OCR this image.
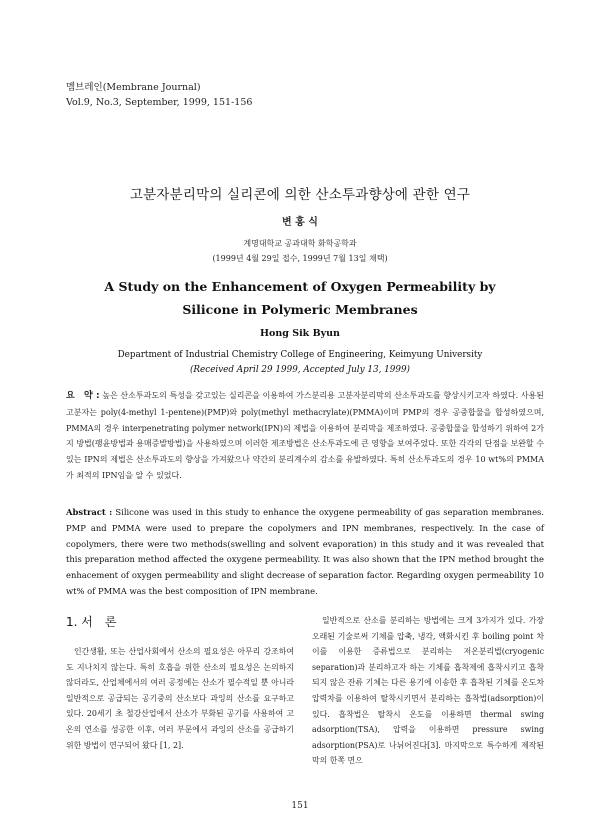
멤브레인(Membrane Journal)
Vol.9, No.3, September, 1999, 151-156
고분자분리막의 실리콘에 의한 산소투과향상에 관한 연구
변 홍 식
계명대학교 공과대학 화학공학과
(1999년 4월 29일 접수, 1999년 7월 13일 채택)
A Study on the Enhancement of Oxygen Permeability by
Silicone in Polymeric Membranes
Hong Sik Byun
Department of Industrial Chemistry College of Engineering, Keimyung University
(Received April 29 1999, Accepted July 13, 1999)
요　약 : 높은 산소투과도의 특성을 갖고있는 실리콘을 이용하여 가스분리용 고분자분리막의 산소투과도를 향상시키고자 하였다. 사용된 고분자는 poly(4-methyl 1-pentene)(PMP)와 poly(methyl methacrylate)(PMMA)이며 PMP의 경우 공중합물을 합성하였으며, PMMA의 경우 interpenetrating polymer network(IPN)의 제법을 이용하여 분리막을 제조하였다. 공중합물을 합성하기 위하여 2가지 방법(팽윤방법과 용매증발방법)을 사용하였으며 이러한 제조방법은 산소투과도에 큰 영향을 보여주었다. 또한 각각의 단점을 보완할 수 있는 IPN의 제법은 산소투과도의 향상을 가져왔으나 약간의 분리계수의 감소를 유발하였다. 특히 산소투과도의 경우 10 wt%의 PMMA가 최적의 IPN임을 알 수 있었다.
Abstract : Silicone was used in this study to enhance the oxygene permeability of gas separation membranes. PMP and PMMA were used to prepare the copolymers and IPN membranes, respectively. In the case of copolymers, there were two methods(swelling and solvent evaporation) in this study and it was revealed that this preparation method affected the oxygene permeability. It was also shown that the IPN method brought the enhacement of oxygen permeability and slight decrease of separation factor. Regarding oxygen permeability 10 wt% of PMMA was the best composition of IPN membrane.
1. 서　론

인간생활, 또는 산업사회에서 산소의 필요성은 아무리 강조하여도 지나치지 않는다. 특히 호흡을 위한 산소의 필요성은 논의하지 않더라도, 산업체에서의 여러 공정에는 산소가 필수적일 뿐 아니라 일반적으로 공급되는 공기중의 산소보다 과잉의 산소를 요구하고 있다. 20세기 초 철강산업에서 산소가 부화된 공기를 사용하여 고온의 연소를 성공한 이후, 여러 부문에서 과잉의 산소를 공급하기 위한 방법이 연구되어 왔다 [1, 2].

일반적으로 산소를 분리하는 방법에는 크게 3가지가 있다. 가장 오래된 기술로써 기체를 압축, 냉각, 액화시킨 후 boiling point 차이를 이용한 증류법으로 분리하는 저온분리법(cryogenic separation)과 분리하고자 하는 기체를 흡착제에 흡착시키고 흡착되지 않은 잔류 기체는 다른 용기에 이송한 후 흡착된 기체를 온도차 압력차를 이용하여 탈착시키면서 분리하는 흡착법(adsorption)이 있다. 흡착법은 탈착시 온도를 이용하면 thermal swing adsorption(TSA), 압력을 이용하면 pressure swing adsorption(PSA)로 나뉘어진다[3]. 마지막으로 특수하게 제작된 막의 한쪽 면으

151
